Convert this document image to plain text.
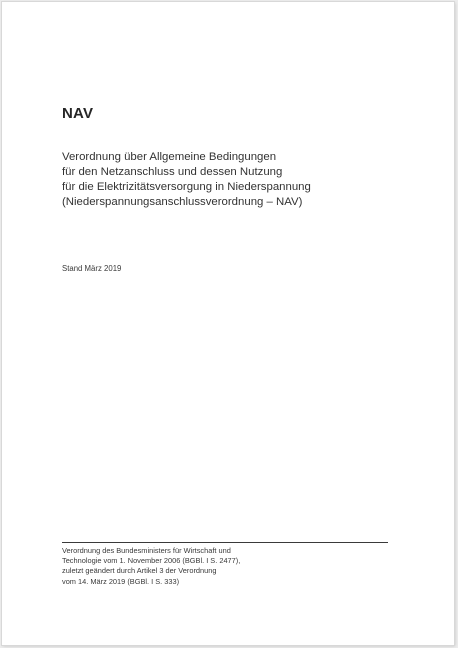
NAV

Verordnung über Allgemeine Bedingungen
für den Netzanschluss und dessen Nutzung
für die Elektrizitätsversorgung in Niederspannung
(Niederspannungsanschlussverordnung – NAV)

Stand März 2019

Verordnung des Bundesministers für Wirtschaft und
Technologie vom 1. November 2006 (BGBl. I S. 2477),
zuletzt geändert durch Artikel 3 der Verordnung
vom 14. März 2019 (BGBl. I S. 333)
